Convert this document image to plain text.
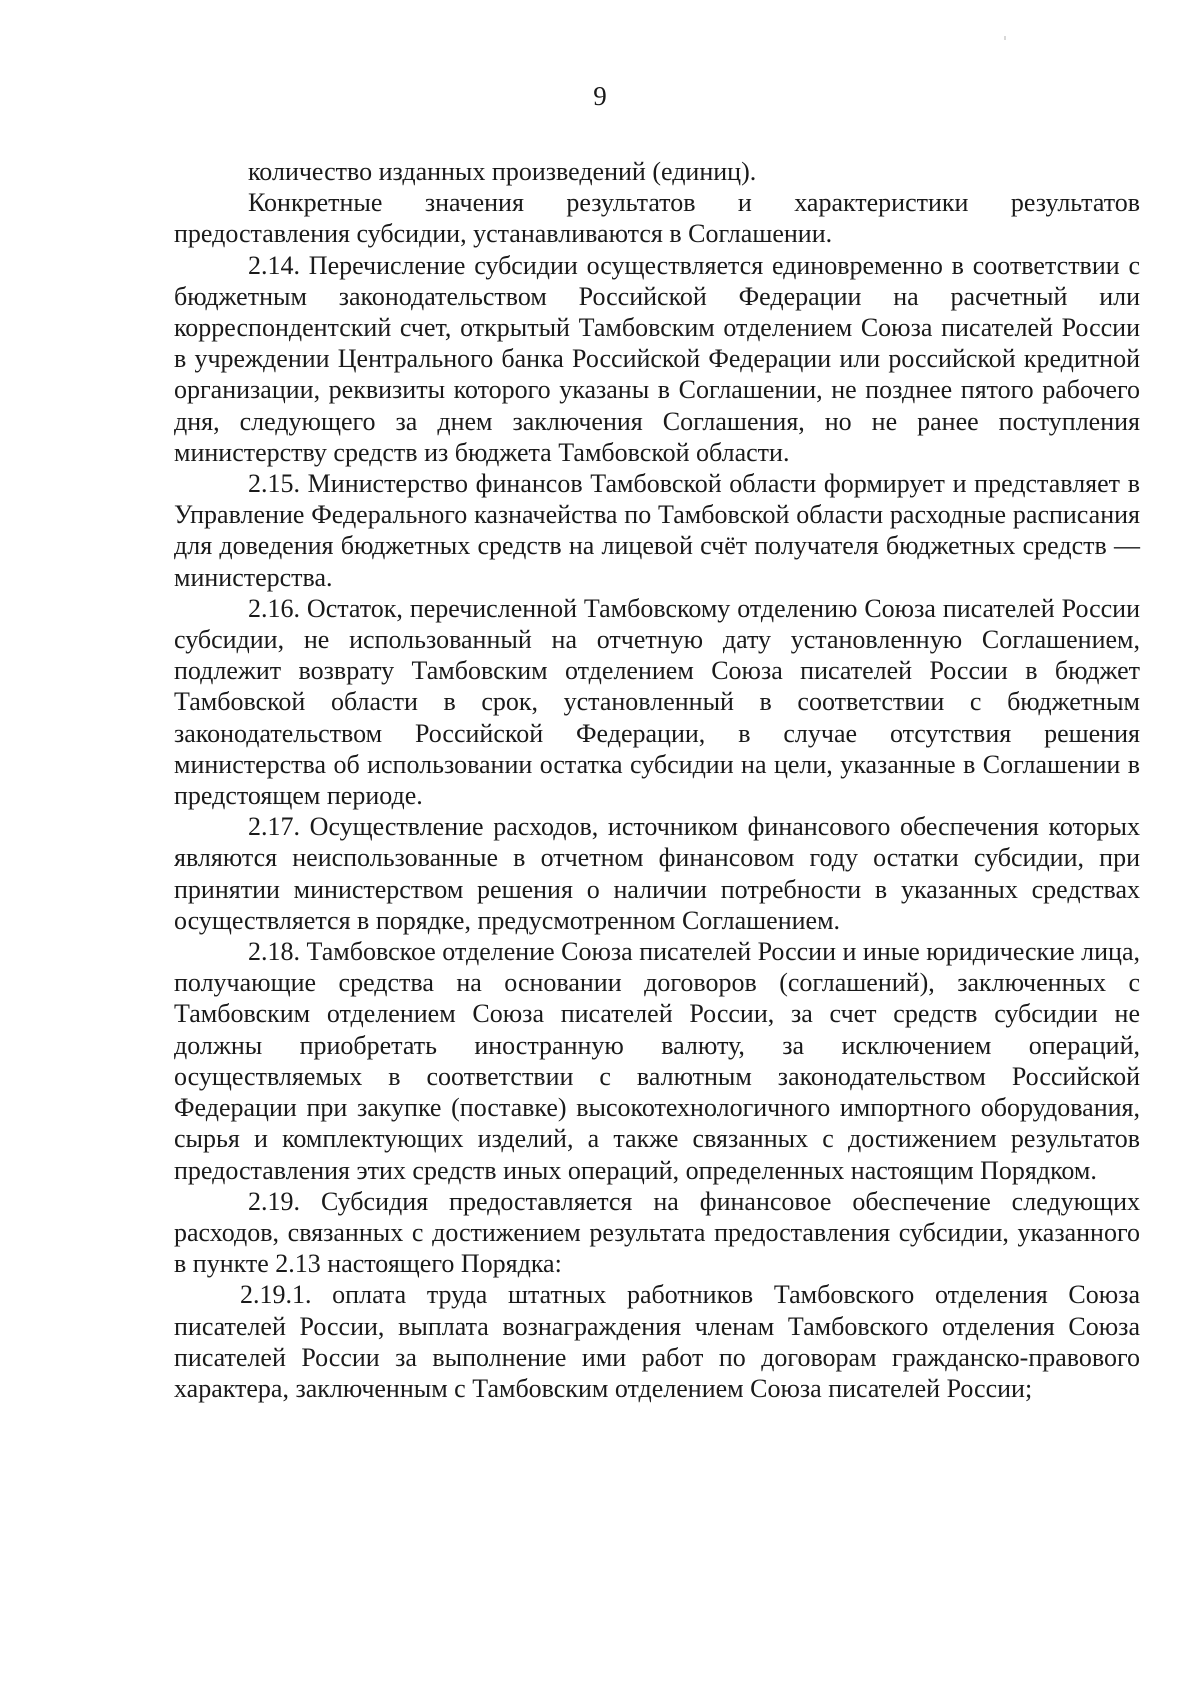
9

количество изданных произведений (единиц).

Конкретные значения результатов и характеристики результатов предоставления субсидии, устанавливаются в Соглашении.

2.14. Перечисление субсидии осуществляется единовременно в соответствии с бюджетным законодательством Российской Федерации на расчетный или корреспондентский счет, открытый Тамбовским отделением Союза писателей России в учреждении Центрального банка Российской Федерации или российской кредитной организации, реквизиты которого указаны в Соглашении, не позднее пятого рабочего дня, следующего за днем заключения Соглашения, но не ранее поступления министерству средств из бюджета Тамбовской области.

2.15. Министерство финансов Тамбовской области формирует и представляет в Управление Федерального казначейства по Тамбовской области расходные расписания для доведения бюджетных средств на лицевой счёт получателя бюджетных средств — министерства.

2.16. Остаток, перечисленной Тамбовскому отделению Союза писателей России субсидии, не использованный на отчетную дату установленную Соглашением, подлежит возврату Тамбовским отделением Союза писателей России в бюджет Тамбовской области в срок, установленный в соответствии с бюджетным законодательством Российской Федерации, в случае отсутствия решения министерства об использовании остатка субсидии на цели, указанные в Соглашении в предстоящем периоде.

2.17. Осуществление расходов, источником финансового обеспечения которых являются неиспользованные в отчетном финансовом году остатки субсидии, при принятии министерством решения о наличии потребности в указанных средствах осуществляется в порядке, предусмотренном Соглашением.

2.18. Тамбовское отделение Союза писателей России и иные юридические лица, получающие средства на основании договоров (соглашений), заключенных с Тамбовским отделением Союза писателей России, за счет средств субсидии не должны приобретать иностранную валюту, за исключением операций, осуществляемых в соответствии с валютным законодательством Российской Федерации при закупке (поставке) высокотехнологичного импортного оборудования, сырья и комплектующих изделий, а также связанных с достижением результатов предоставления этих средств иных операций, определенных настоящим Порядком.

2.19. Субсидия предоставляется на финансовое обеспечение следующих расходов, связанных с достижением результата предоставления субсидии, указанного в пункте 2.13 настоящего Порядка:

2.19.1. оплата труда штатных работников Тамбовского отделения Союза писателей России, выплата вознаграждения членам Тамбовского отделения Союза писателей России за выполнение ими работ по договорам гражданско-правового характера, заключенным с Тамбовским отделением Союза писателей России;
